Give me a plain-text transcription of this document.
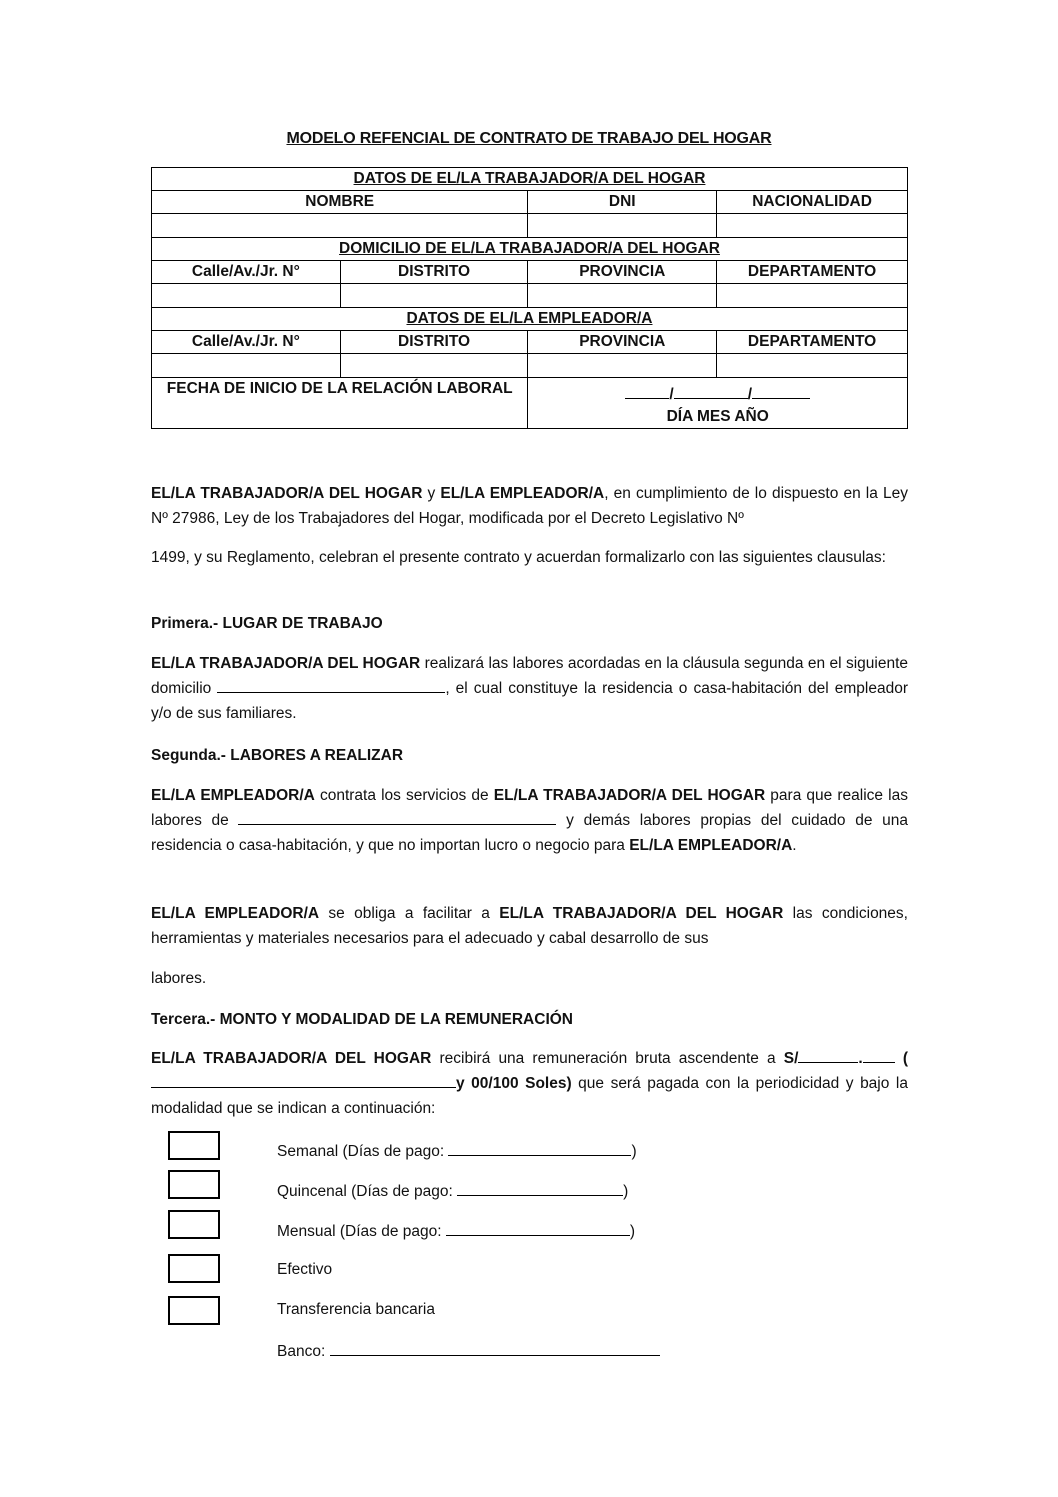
MODELO REFENCIAL DE CONTRATO DE TRABAJO DEL HOGAR
DATOS DE EL/LA TRABAJADOR/A DEL HOGAR			
NOMBRE		DNI	NACIONALIDAD

DOMICILIO DE EL/LA TRABAJADOR/A DEL HOGAR			
Calle/Av./Jr. N°	DISTRITO	PROVINCIA	DEPARTAMENTO

DATOS DE EL/LA EMPLEADOR/A			
Calle/Av./Jr. N°	DISTRITO	PROVINCIA	DEPARTAMENTO

FECHA DE INICIO DE LA RELACIÓN LABORAL		/ /
DÍA MES AÑO	
EL/LA TRABAJADOR/A DEL HOGAR y EL/LA EMPLEADOR/A, en cumplimiento de lo dispuesto en la Ley Nº 27986, Ley de los Trabajadores del Hogar, modificada por el Decreto Legislativo Nº
1499, y su Reglamento, celebran el presente contrato y acuerdan formalizarlo con las siguientes clausulas:
Primera.- LUGAR DE TRABAJO
EL/LA TRABAJADOR/A DEL HOGAR realizará las labores acordadas en la cláusula segunda en el siguiente domicilio	, el cual constituye la residencia o casa-habitación del empleador y/o de sus familiares.
Segunda.- LABORES A REALIZAR
EL/LA EMPLEADOR/A contrata los servicios de EL/LA TRABAJADOR/A DEL HOGAR para que realice las labores de	y demás labores propias del cuidado de una residencia o casa-habitación, y que no importan lucro o negocio para EL/LA EMPLEADOR/A.
EL/LA EMPLEADOR/A se obliga a facilitar a EL/LA TRABAJADOR/A DEL HOGAR las condiciones, herramientas y materiales necesarios para el adecuado y cabal desarrollo de sus
labores.
Tercera.- MONTO Y MODALIDAD DE LA REMUNERACIÓN
EL/LA TRABAJADOR/A DEL HOGAR recibirá una remuneración bruta ascendente a S/	.	(y 00/100 Soles) que será pagada con la periodicidad y bajo la modalidad que se indican a continuación:
Semanal (Días de pago:	)
Quincenal (Días de pago:	)
Mensual (Días de pago:	)
Efectivo
Transferencia bancaria
Banco:
